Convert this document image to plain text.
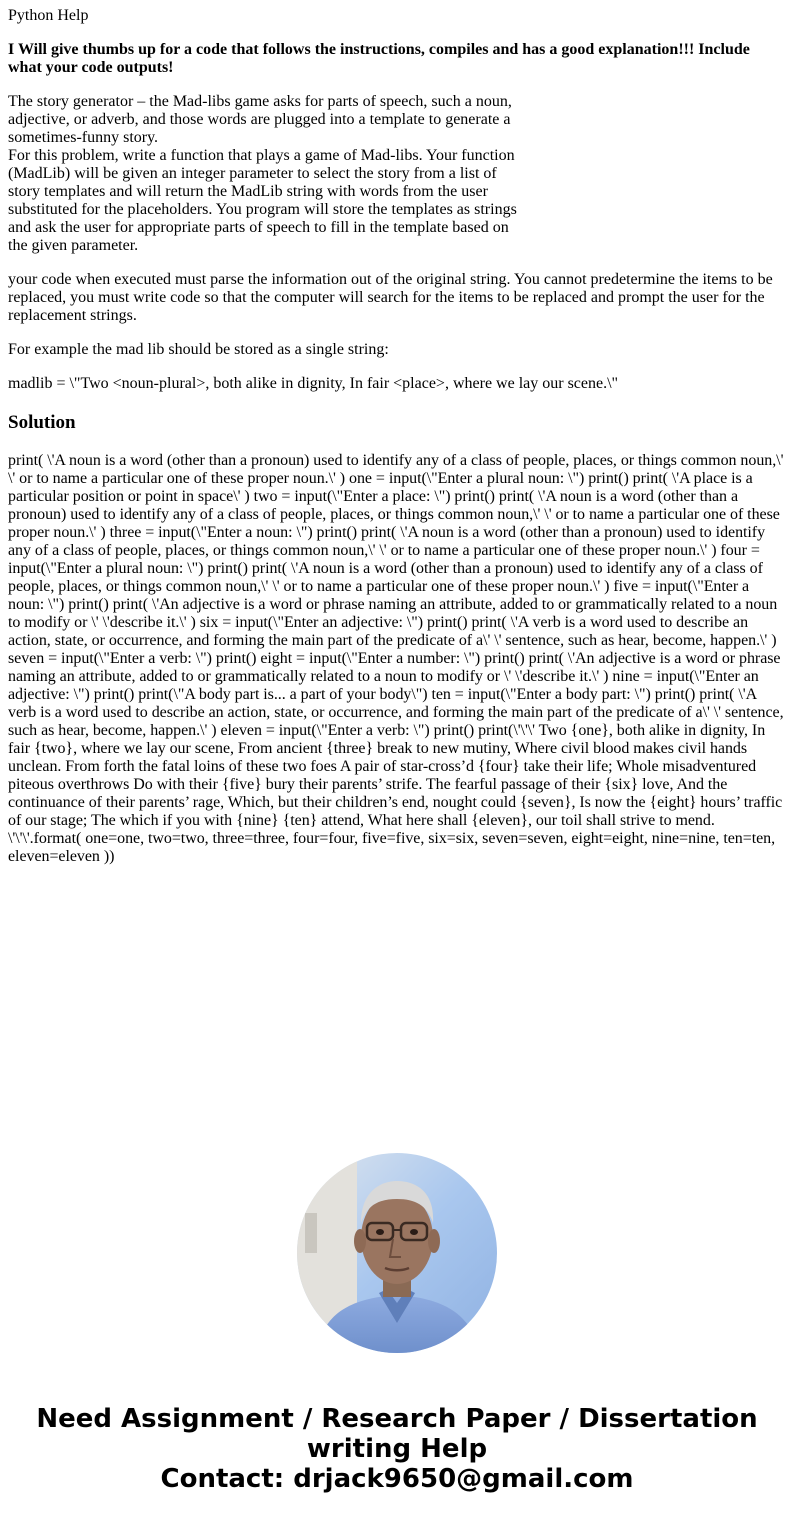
Python Help

I Will give thumbs up for a code that follows the instructions, compiles and has a good explanation!!! Include what your code outputs!

The story generator – the Mad-libs game asks for parts of speech, such a noun,
adjective, or adverb, and those words are plugged into a template to generate a
sometimes-funny story.
For this problem, write a function that plays a game of Mad-libs. Your function
(MadLib) will be given an integer parameter to select the story from a list of
story templates and will return the MadLib string with words from the user
substituted for the placeholders. You program will store the templates as strings
and ask the user for appropriate parts of speech to fill in the template based on
the given parameter.

your code when executed must parse the information out of the original string. You cannot predetermine the items to be replaced, you must write code so that the computer will search for the items to be replaced and prompt the user for the replacement strings.

For example the mad lib should be stored as a single string:

madlib = \"Two <noun-plural>, both alike in dignity, In fair <place>, where we lay our scene.\"

Solution

print( \'A noun is a word (other than a pronoun) used to identify any of a class of people, places, or things common noun,\' \' or to name a particular one of these proper noun.\' ) one = input(\"Enter a plural noun: \") print() print( \'A place is a particular position or point in space\' ) two = input(\"Enter a place: \") print() print( \'A noun is a word (other than a pronoun) used to identify any of a class of people, places, or things common noun,\' \' or to name a particular one of these proper noun.\' ) three = input(\"Enter a noun: \") print() print( \'A noun is a word (other than a pronoun) used to identify any of a class of people, places, or things common noun,\' \' or to name a particular one of these proper noun.\' ) four = input(\"Enter a plural noun: \") print() print( \'A noun is a word (other than a pronoun) used to identify any of a class of people, places, or things common noun,\' \' or to name a particular one of these proper noun.\' ) five = input(\"Enter a noun: \") print() print( \'An adjective is a word or phrase naming an attribute, added to or grammatically related to a noun to modify or \' \'describe it.\' ) six = input(\"Enter an adjective: \") print() print( \'A verb is a word used to describe an action, state, or occurrence, and forming the main part of the predicate of a\' \' sentence, such as hear, become, happen.\' ) seven = input(\"Enter a verb: \") print() eight = input(\"Enter a number: \") print() print( \'An adjective is a word or phrase naming an attribute, added to or grammatically related to a noun to modify or \' \'describe it.\' ) nine = input(\"Enter an adjective: \") print() print(\"A body part is... a part of your body\") ten = input(\"Enter a body part: \") print() print( \'A verb is a word used to describe an action, state, or occurrence, and forming the main part of the predicate of a\' \' sentence, such as hear, become, happen.\' ) eleven = input(\"Enter a verb: \") print() print(\'\'\' Two {one}, both alike in dignity, In fair {two}, where we lay our scene, From ancient {three} break to new mutiny, Where civil blood makes civil hands unclean. From forth the fatal loins of these two foes A pair of star-cross’d {four} take their life; Whole misadventured piteous overthrows Do with their {five} bury their parents’ strife. The fearful passage of their {six} love, And the continuance of their parents’ rage, Which, but their children’s end, nought could {seven}, Is now the {eight} hours’ traffic of our stage; The which if you with {nine} {ten} attend, What here shall {eleven}, our toil shall strive to mend. \'\'\'.format( one=one, two=two, three=three, four=four, five=five, six=six, seven=seven, eight=eight, nine=nine, ten=ten, eleven=eleven ))

Need Assignment / Research Paper / Dissertation
writing Help
Contact: drjack9650@gmail.com
